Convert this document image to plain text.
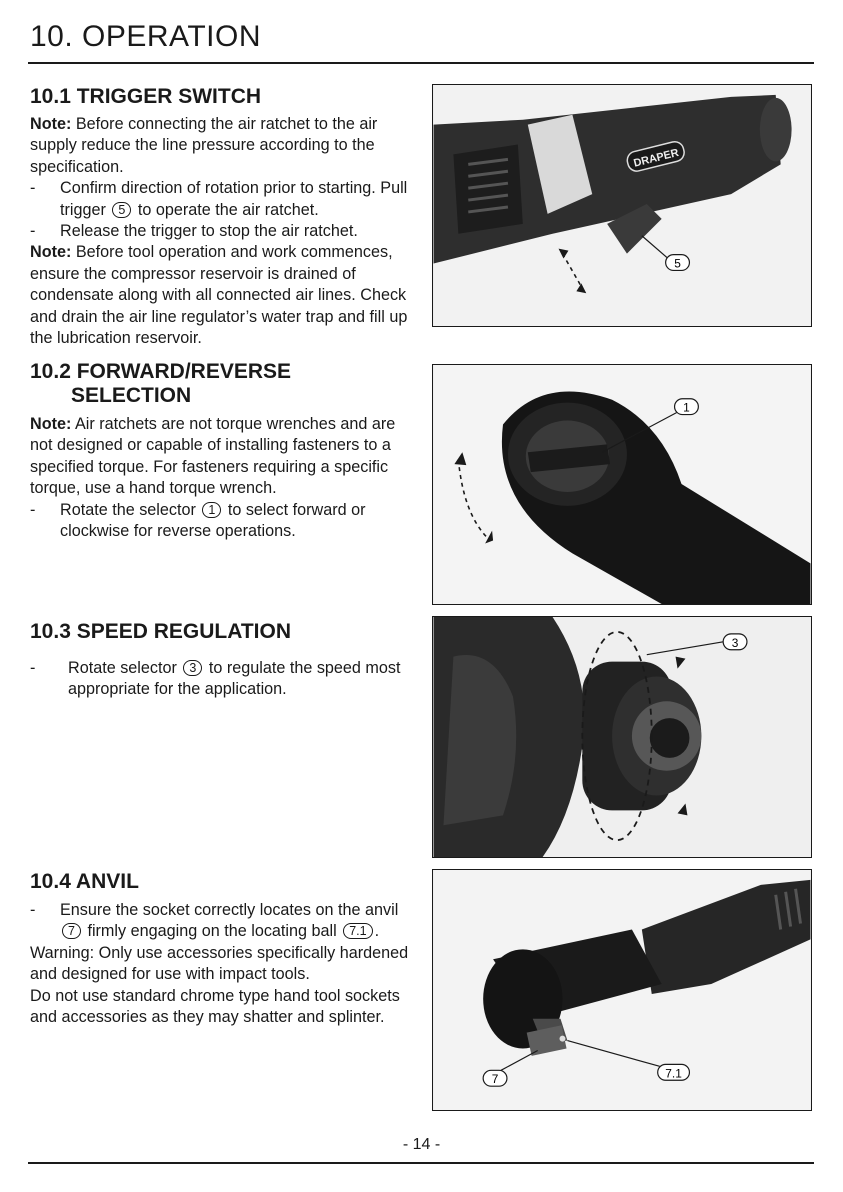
10. OPERATION
10.1 TRIGGER SWITCH

Note: Before connecting the air ratchet to the air supply reduce the line pressure according to the specification.

- Confirm direction of rotation prior to starting. Pull trigger 5 to operate the air ratchet.

- Release the trigger to stop the air ratchet.

Note: Before tool operation and work commences, ensure the compressor reservoir is drained of condensate along with all connected air lines. Check and drain the air line regulator’s water trap and fill up the lubrication reservoir.

DRAPER
5
10.2 FORWARD/REVERSE
SELECTION

Note: Air ratchets are not torque wrenches and are not designed or capable of installing fasteners to a specified torque. For fasteners requiring a specific torque, use a hand torque wrench.

- Rotate the selector 1 to select forward or clockwise for reverse operations.

1
10.3 SPEED REGULATION

- Rotate selector 3 to regulate the speed most appropriate for the application.

3
10.4 ANVIL

- Ensure the socket correctly locates on the anvil 7 firmly engaging on the locating ball 7.1 .

Warning: Only use accessories specifically hardened and designed for use with impact tools.

Do not use standard chrome type hand tool sockets and accessories as they may shatter and splinter.

7	7.1
- 14 -
